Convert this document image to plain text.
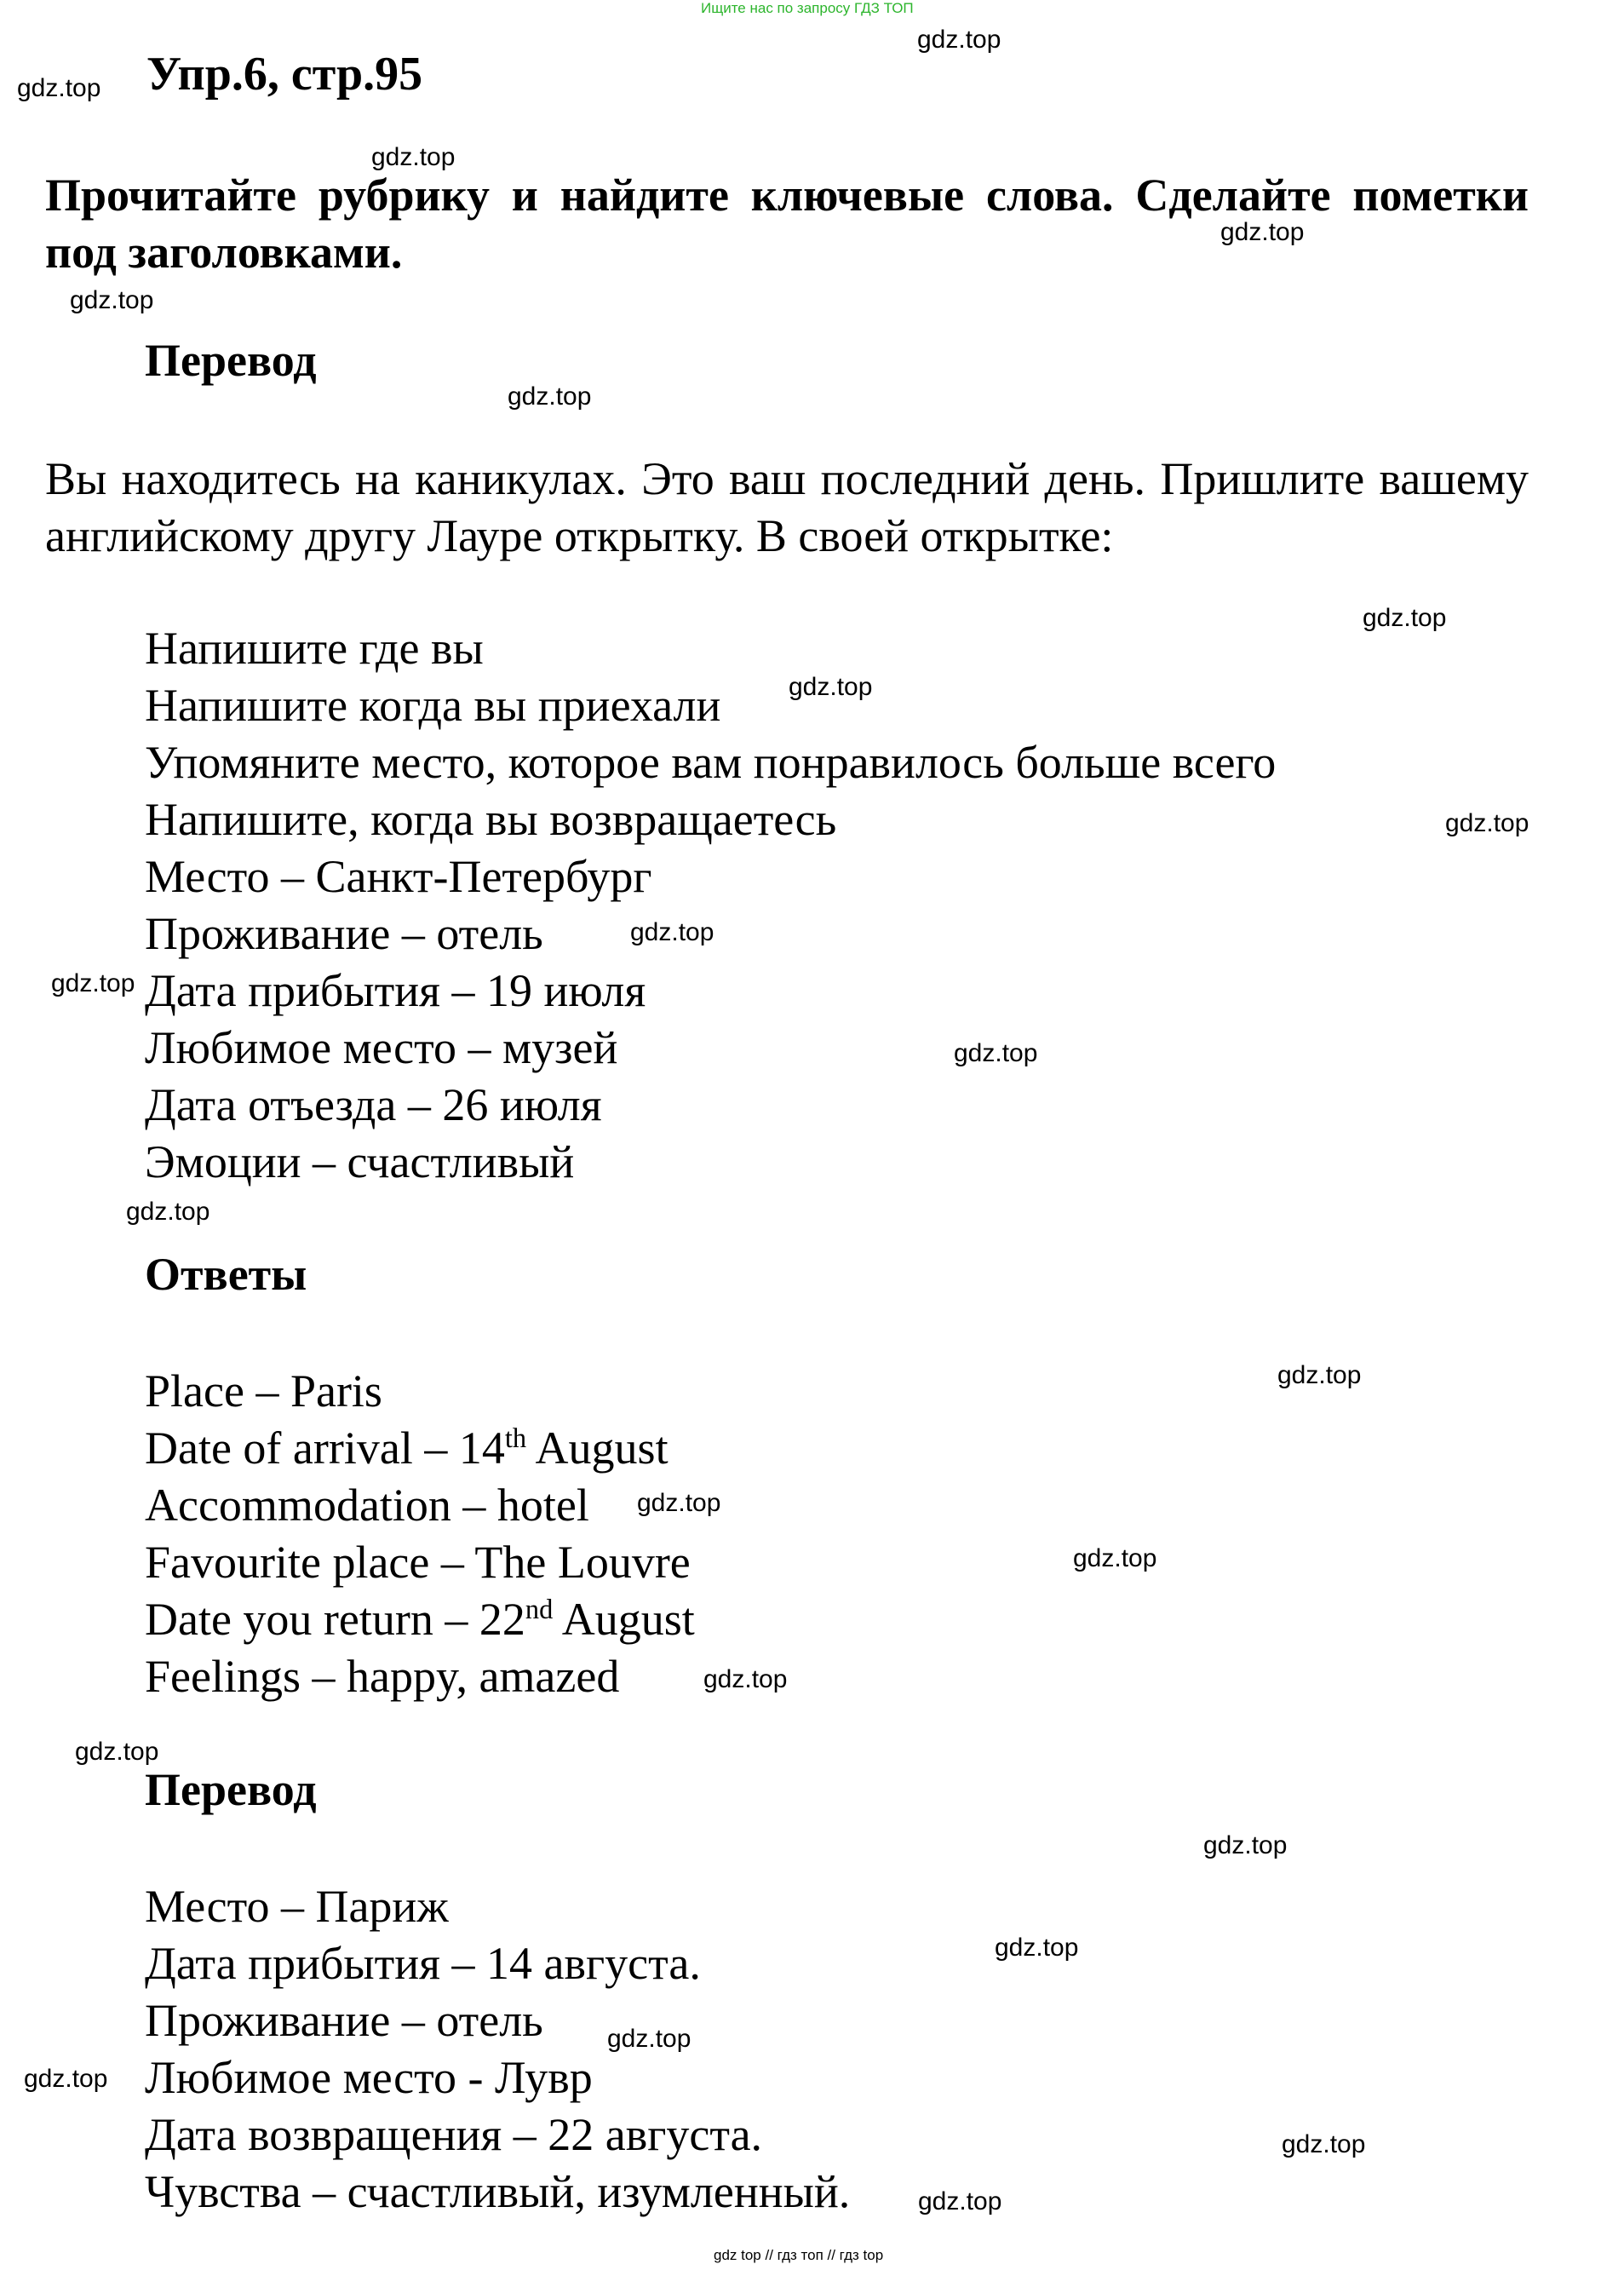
Ищите нас по запросу ГДЗ ТОП
Упр.6, стр.95
Прочитайте рубрику и найдите ключевые слова. Сделайте пометки под заголовками.
Перевод
Вы находитесь на каникулах. Это ваш последний день. Пришлите вашему английскому другу Лауре открытку. В своей открытке:
Напишите где вы
Напишите когда вы приехали
Упомяните место, которое вам понравилось больше всего
Напишите, когда вы возвращаетесь
Место – Санкт-Петербург
Проживание – отель
Дата прибытия – 19 июля
Любимое место – музей
Дата отъезда – 26 июля
Эмоции – счастливый
Ответы
Place – Paris
Date of arrival – 14th August
Accommodation – hotel
Favourite place – The Louvre
Date you return – 22nd August
Feelings – happy, amazed
Перевод
Место – Париж
Дата прибытия – 14 августа.
Проживание – отель
Любимое место - Лувр
Дата возвращения – 22 августа.
Чувства – счастливый, изумленный.
gdz.top
gdz.top
gdz.top
gdz.top
gdz.top
gdz.top
gdz.top
gdz.top
gdz.top
gdz.top
gdz.top
gdz.top
gdz.top
gdz.top
gdz.top
gdz.top
gdz.top
gdz.top
gdz.top
gdz.top
gdz.top
gdz.top
gdz.top
gdz.top
gdz top // гдз топ // гдз top
